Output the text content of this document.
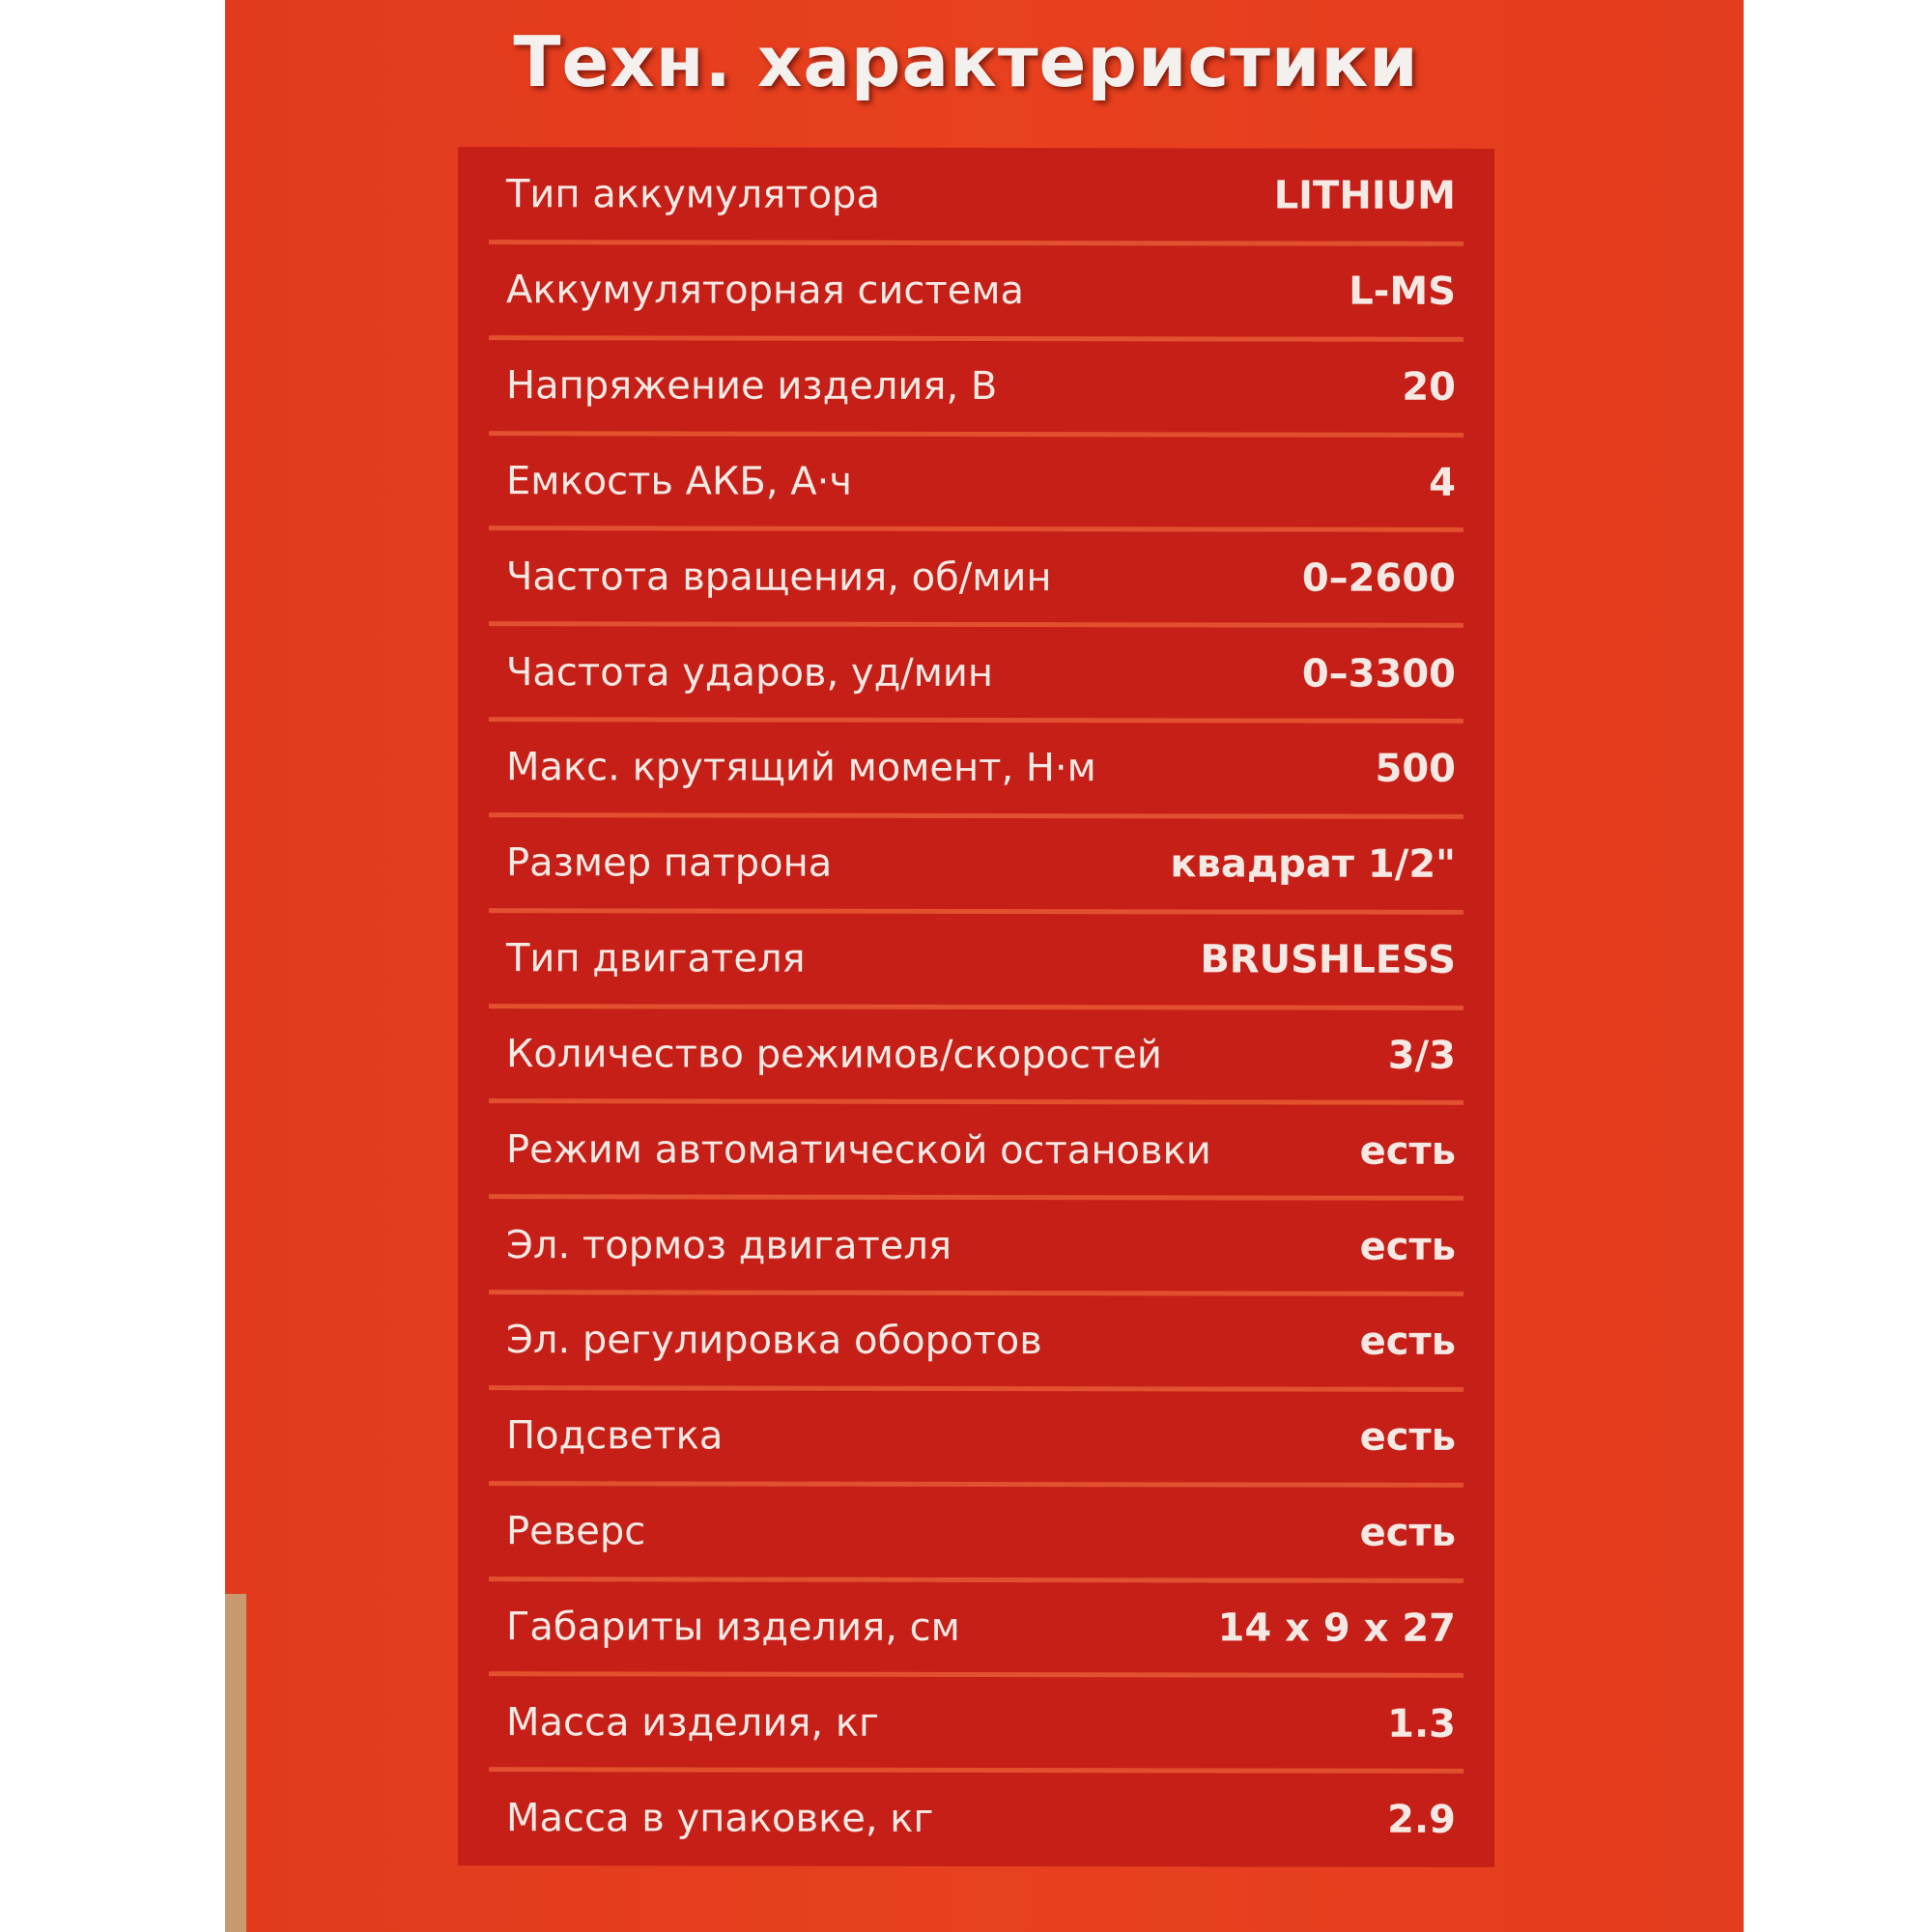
Техн. характеристики
Тип аккумулятора	LITHIUM
Аккумуляторная система	L-MS
Напряжение изделия, В	20
Емкость АКБ, А·ч	4
Частота вращения, об/мин	0–2600
Частота ударов, уд/мин	0–3300
Макс. крутящий момент, Н·м	500
Размер патрона	квадрат 1/2"
Тип двигателя	BRUSHLESS
Количество режимов/скоростей	3/3
Режим автоматической остановки	есть
Эл. тормоз двигателя	есть
Эл. регулировка оборотов	есть
Подсветка	есть
Реверс	есть
Габариты изделия, см	14 x 9 x 27
Масса изделия, кг	1.3
Масса в упаковке, кг	2.9
